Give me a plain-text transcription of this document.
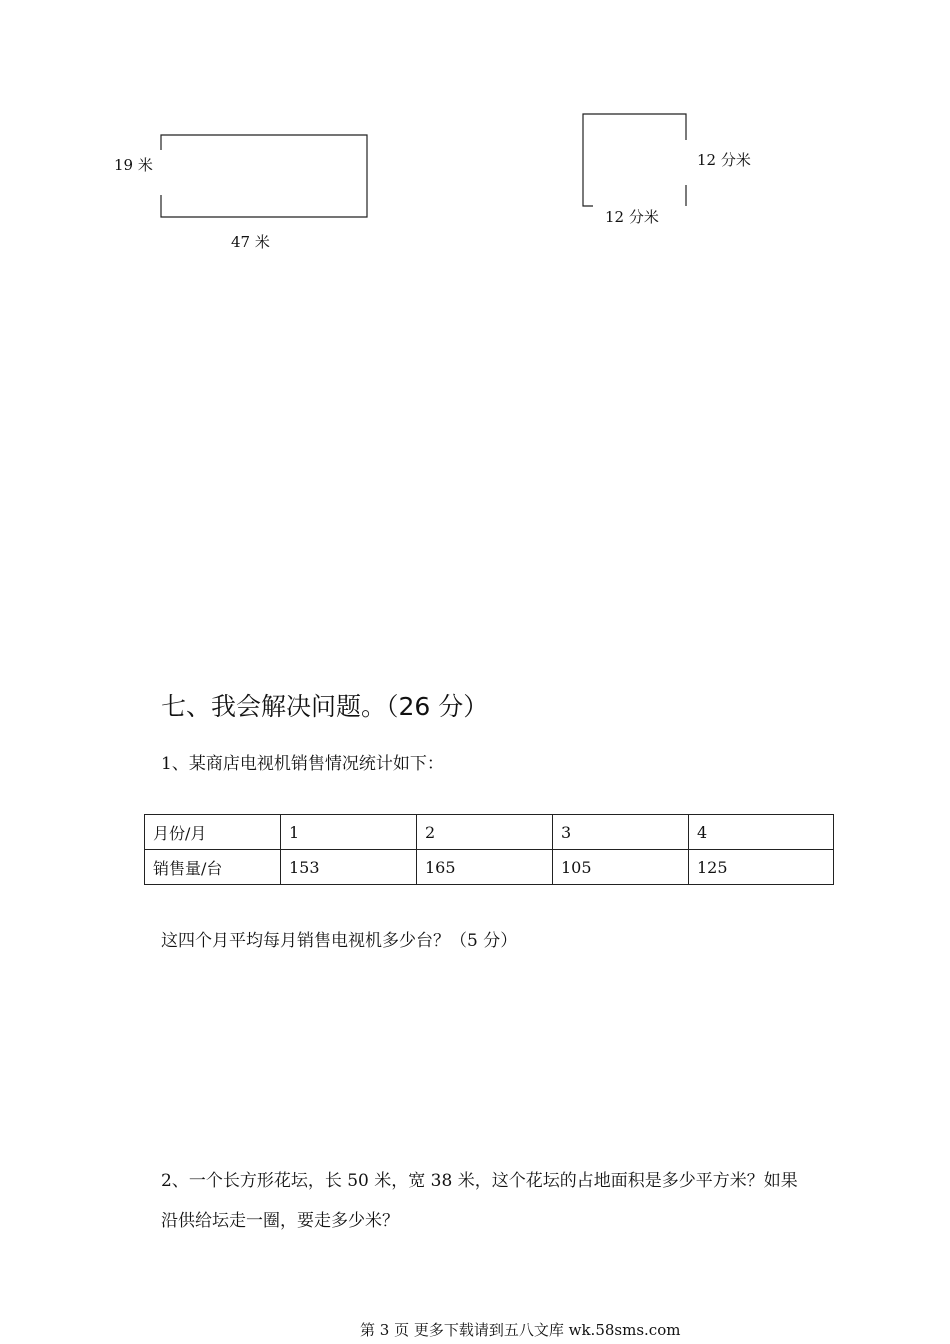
19 米
47 米
12 分米
12 分米
七、我会解决问题。（26 分）
1、某商店电视机销售情况统计如下：
月份/月	1	2	3	4
销售量/台	153	165	105	125
这四个月平均每月销售电视机多少台？（5 分）
2、一个长方形花坛，长 50 米，宽 38 米，这个花坛的占地面积是多少平方米？如果
沿供给坛走一圈，要走多少米？
第 3 页 更多下载请到五八文库 wk.58sms.com
